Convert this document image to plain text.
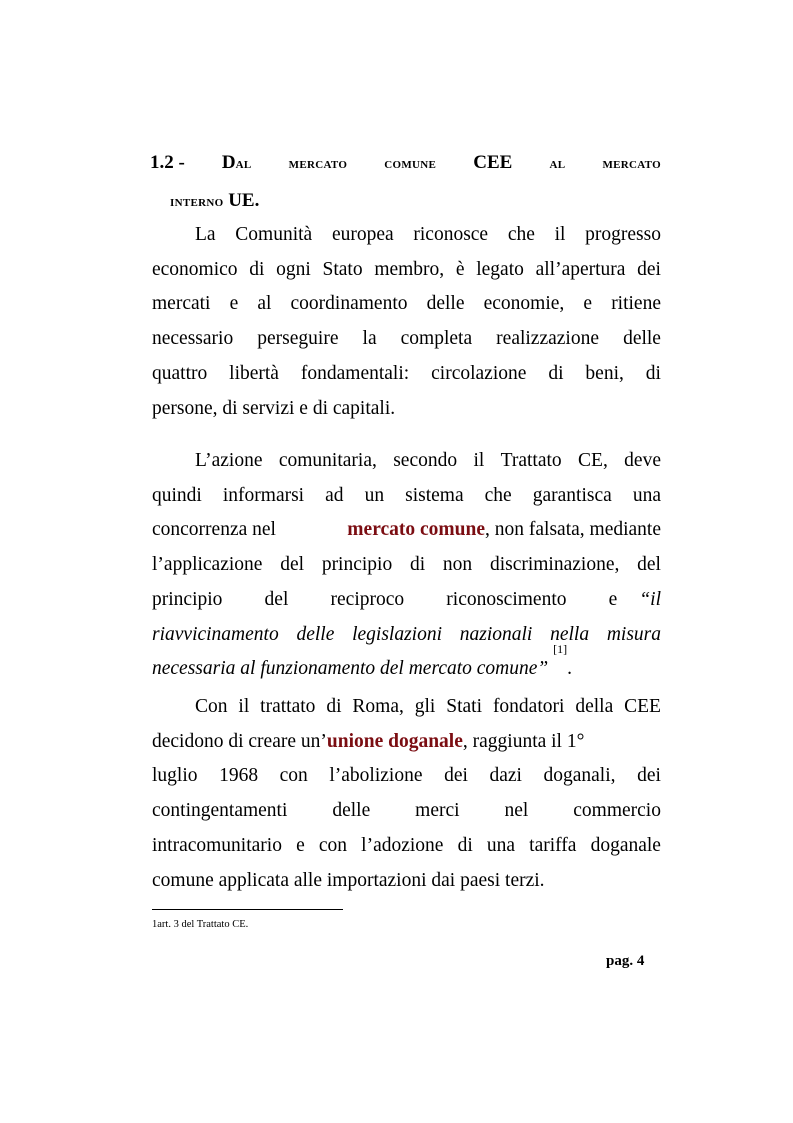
1.2 - Dal mercato comune CEE al mercato
interno UE.
La Comunità europea riconosce che il progresso
economico di ogni Stato membro, è legato all’apertura dei
mercati e al coordinamento delle economie, e ritiene
necessario perseguire la completa realizzazione delle
quattro libertà fondamentali: circolazione di beni, di
persone, di servizi e di capitali.
L’azione comunitaria, secondo il Trattato CE, deve
quindi informarsi ad un sistema che garantisca una
concorrenza nel	mercato comune, non falsata, mediante
l’applicazione del principio di non discriminazione, del
principio del reciproco riconoscimento e “il
riavvicinamento delle legislazioni nazionali nella misura
necessaria al funzionamento del mercato comune”

[1]
.
Con il trattato di Roma, gli Stati fondatori della CEE
decidono di creare un’unione doganale, raggiunta il 1°
luglio 1968 con l’abolizione dei dazi doganali, dei
contingentamenti delle merci nel commercio
intracomunitario e con l’adozione di una tariffa doganale
comune applicata alle importazioni dai paesi terzi.
1art. 3 del Trattato CE.
pag. 4
